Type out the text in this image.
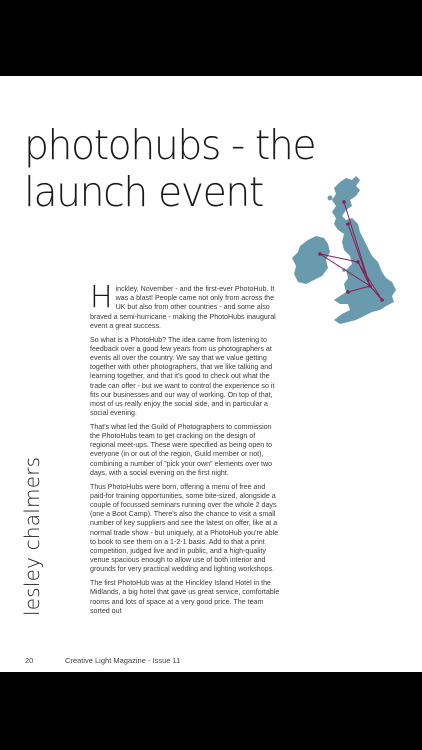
photohubs - the launch event

Hinckley, November - and the first-ever PhotoHub. It was a blast! People came not only from across the UK but also from other countries - and some also braved a semi-hurricane - making the PhotoHubs inaugural event a great success.

So what is a PhotoHub? The idea came from listening to feedback over a good few years from us photographers at events all over the country. We say that we value getting together with other photographers, that we like talking and learning together, and that it's good to check out what the trade can offer - but we want to control the experience so it fits our businesses and our way of working. On top of that, most of us really enjoy the social side, and in particular a social evening.

That's what led the Guild of Photographers to commission the PhotoHubs team to get cracking on the design of regional meet-ups. These were specified as being open to everyone (in or out of the region, Guild member or not), combining a number of "pick your own" elements over two days, with a social evening on the first night.

Thus PhotoHubs were born, offering a menu of free and paid-for training opportunities, some bite-sized, alongside a couple of focussed seminars running over the whole 2 days (one a Boot Camp). There's also the chance to visit a small number of key suppliers and see the latest on offer, like at a normal trade show - but uniquely, at a PhotoHub you're able to book to see them on a 1-2-1 basis. Add to that a print competition, judged live and in public, and a high-quality venue spacious enough to allow use of both interior and grounds for very practical wedding and lighting workshops.

The first PhotoHub was at the Hinckley Island Hotel in the Midlands, a big hotel that gave us great service, comfortable rooms and lots of space at a very good price. The team sorted out

lesley chalmers
20	Creative Light Magazine - Issue 11
